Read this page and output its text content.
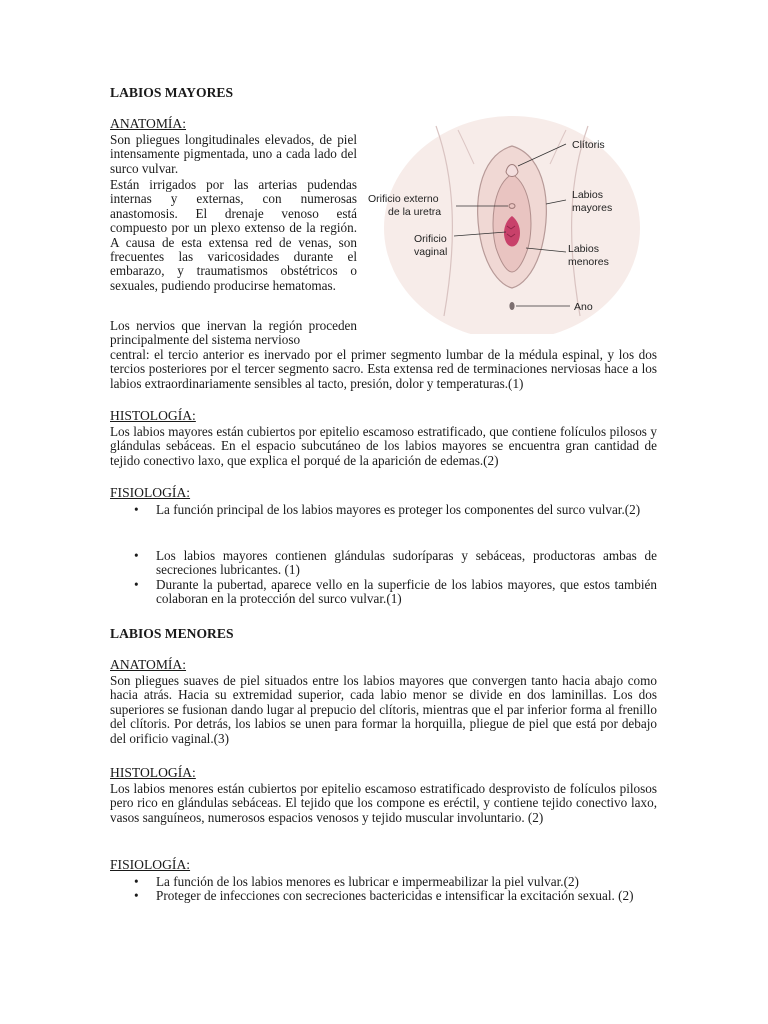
LABIOS MAYORES
ANATOMÍA:

Son pliegues longitudinales elevados, de piel intensamente pigmentada, uno a cada lado del surco vulvar.

Están irrigados por las arterias pudendas internas y externas, con numerosas anastomosis. El drenaje venoso está compuesto por un plexo extenso de la región. A causa de esta extensa red de venas, son frecuentes las varicosidades durante el embarazo, y traumatismos obstétricos o sexuales, pudiendo producirse hematomas.

Los nervios que inervan la región proceden principalmente del sistema nervioso

central: el tercio anterior es inervado por el primer segmento lumbar de la médula espinal, y los dos tercios posteriores por el tercer segmento sacro. Esta extensa red de terminaciones nerviosas hace a los labios extraordinariamente sensibles al tacto, presión, dolor y temperaturas.(1)

Clítoris
Labios
mayores
Orificio externo
de la uretra
Orificio
vaginal	Labios
menores
Ano
HISTOLOGÍA:

Los labios mayores están cubiertos por epitelio escamoso estratificado, que contiene folículos pilosos y glándulas sebáceas. En el espacio subcutáneo de los labios mayores se encuentra gran cantidad de tejido conectivo laxo, que explica el porqué de la aparición de edemas.(2)

FISIOLOGÍA:
• La función principal de los labios mayores es proteger los componentes del surco vulvar.(2)
• Los labios mayores contienen glándulas sudoríparas y sebáceas, productoras ambas de secreciones lubricantes. (1)
• Durante la pubertad, aparece vello en la superficie de los labios mayores, que estos también colaboran en la protección del surco vulvar.(1)
LABIOS MENORES
ANATOMÍA:

Son pliegues suaves de piel situados entre los labios mayores que convergen tanto hacia abajo como hacia atrás. Hacia su extremidad superior, cada labio menor se divide en dos laminillas. Los dos superiores se fusionan dando lugar al prepucio del clítoris, mientras que el par inferior forma al frenillo del clítoris. Por detrás, los labios se unen para formar la horquilla, pliegue de piel que está por debajo del orificio vaginal.(3)

HISTOLOGÍA:

Los labios menores están cubiertos por epitelio escamoso estratificado desprovisto de folículos pilosos pero rico en glándulas sebáceas. El tejido que los compone es eréctil, y contiene tejido conectivo laxo, vasos sanguíneos, numerosos espacios venosos y tejido muscular involuntario. (2)

FISIOLOGÍA:
• La función de los labios menores es lubricar e impermeabilizar la piel vulvar.(2)
• Proteger de infecciones con secreciones bactericidas e intensificar la excitación sexual. (2)
